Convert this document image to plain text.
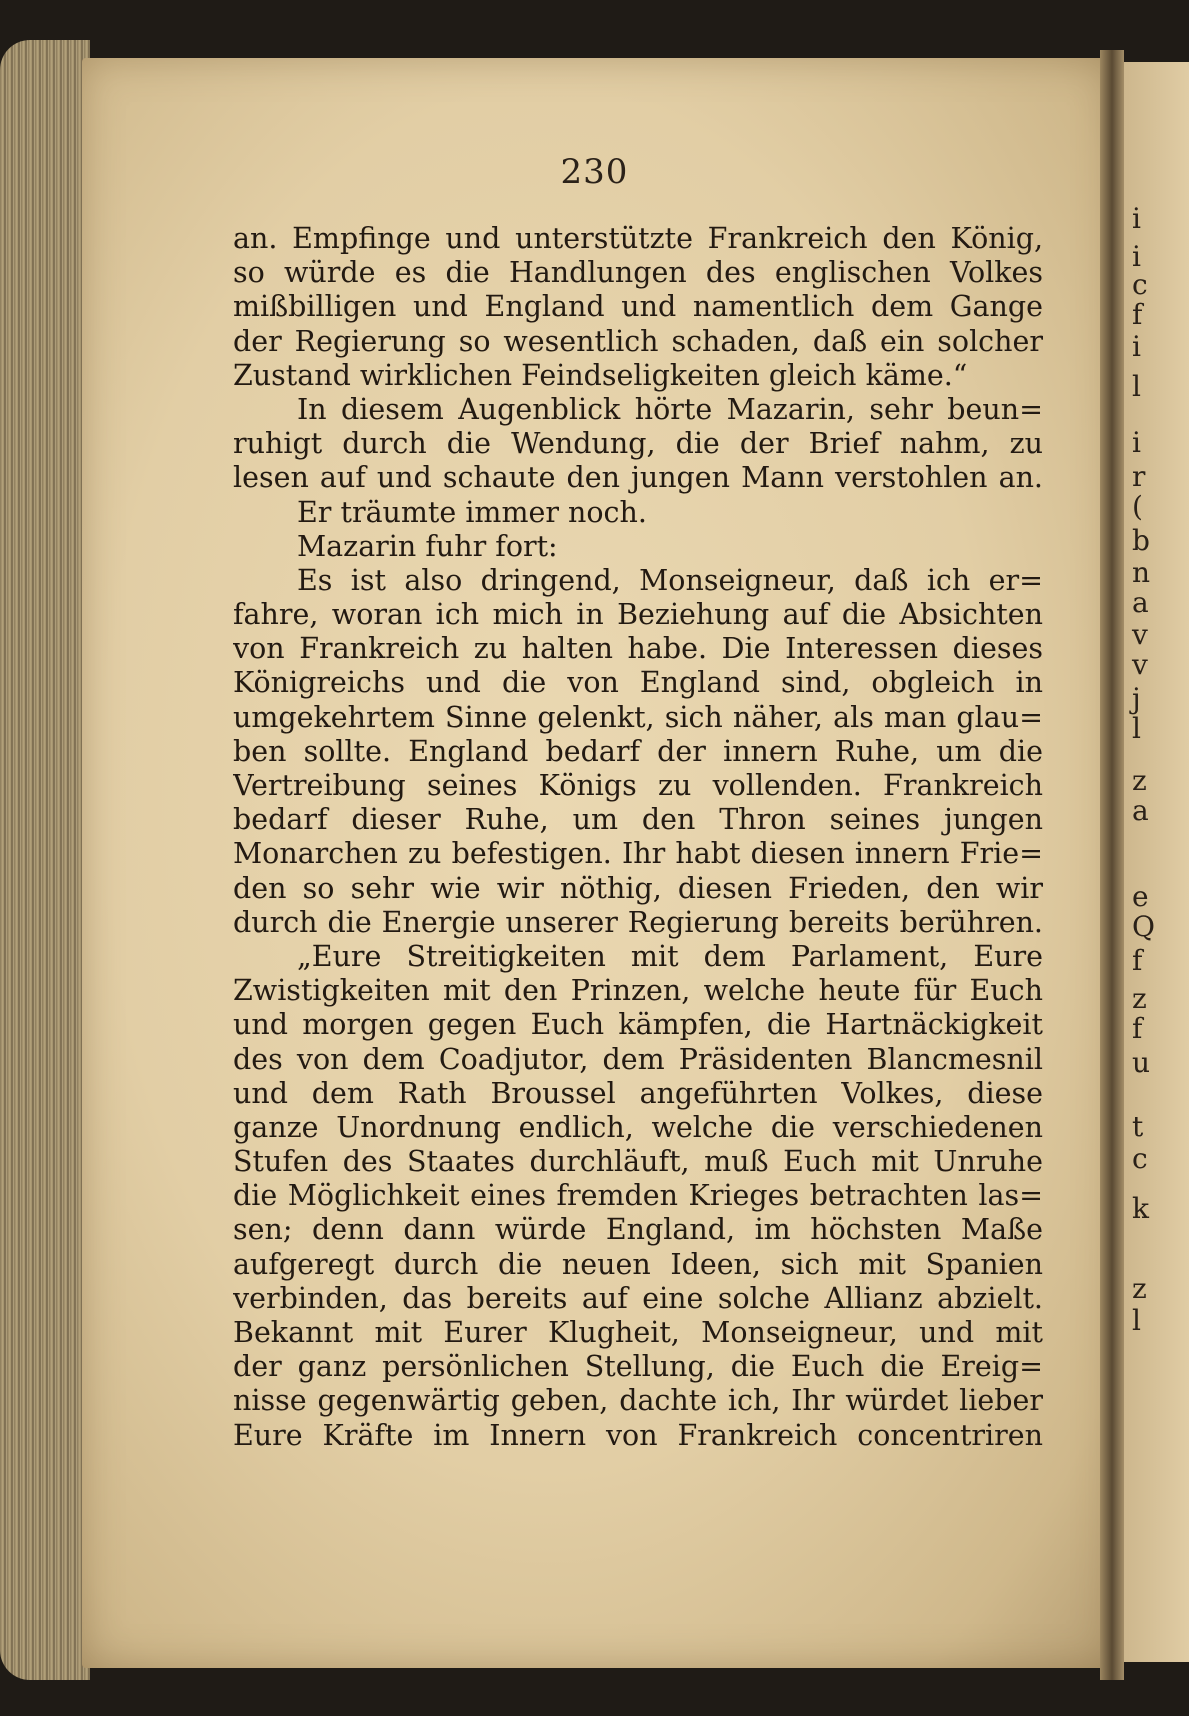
i
i
c
f
i
l
i
r
(
b
n
a
v
v
j
l
z
a
e
Q
f
z
f
u
t
c
k
z
l
230
an. Empfinge und unterstützte Frankreich den König,
so würde es die Handlungen des englischen Volkes
mißbilligen und England und namentlich dem Gange
der Regierung so wesentlich schaden, daß ein solcher
Zustand wirklichen Feindseligkeiten gleich käme.“
In diesem Augenblick hörte Mazarin, sehr beun=
ruhigt durch die Wendung, die der Brief nahm, zu
lesen auf und schaute den jungen Mann verstohlen an.
Er träumte immer noch.
Mazarin fuhr fort:
Es ist also dringend, Monseigneur, daß ich er=
fahre, woran ich mich in Beziehung auf die Absichten
von Frankreich zu halten habe. Die Interessen dieses
Königreichs und die von England sind, obgleich in
umgekehrtem Sinne gelenkt, sich näher, als man glau=
ben sollte. England bedarf der innern Ruhe, um die
Vertreibung seines Königs zu vollenden. Frankreich
bedarf dieser Ruhe, um den Thron seines jungen
Monarchen zu befestigen. Ihr habt diesen innern Frie=
den so sehr wie wir nöthig, diesen Frieden, den wir
durch die Energie unserer Regierung bereits berühren.
„Eure Streitigkeiten mit dem Parlament, Eure
Zwistigkeiten mit den Prinzen, welche heute für Euch
und morgen gegen Euch kämpfen, die Hartnäckigkeit
des von dem Coadjutor, dem Präsidenten Blancmesnil
und dem Rath Broussel angeführten Volkes, diese
ganze Unordnung endlich, welche die verschiedenen
Stufen des Staates durchläuft, muß Euch mit Unruhe
die Möglichkeit eines fremden Krieges betrachten las=
sen; denn dann würde England, im höchsten Maße
aufgeregt durch die neuen Ideen, sich mit Spanien
verbinden, das bereits auf eine solche Allianz abzielt.
Bekannt mit Eurer Klugheit, Monseigneur, und mit
der ganz persönlichen Stellung, die Euch die Ereig=
nisse gegenwärtig geben, dachte ich, Ihr würdet lieber
Eure Kräfte im Innern von Frankreich concentriren
